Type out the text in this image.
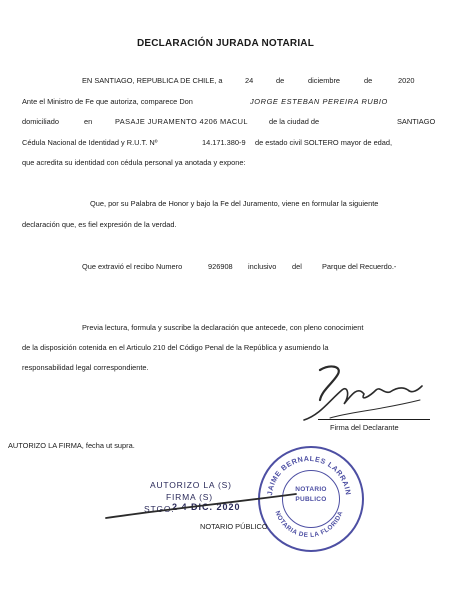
DECLARACIÓN JURADA NOTARIAL
EN SANTIAGO, REPUBLICA DE CHILE, a	24	de	diciembre	de	2020
Ante el Ministro de Fe que autoriza, comparece Don	JORGE ESTEBAN PEREIRA RUBIO
domiciliado	en	PASAJE JURAMENTO 4206 MACUL	de la ciudad de	SANTIAGO
Cédula Nacional de Identidad y R.U.T. Nº	14.171.380-9 de estado civil SOLTERO mayor de edad,
que acredita su identidad con cédula personal ya anotada y expone:
Que, por su Palabra de Honor y bajo la Fe del Juramento, viene en formular la siguiente
declaración que, es fiel expresión de la verdad.
Que extravió el recibo Numero	926908 inclusivo del	Parque del Recuerdo.-
Previa lectura, formula y suscribe la declaración que antecede, con pleno conocimient
de la disposición cotenida en el Articulo 210 del Código Penal de la República y asumiendo la
responsabilidad legal correspondiente.
Firma del Declarante
AUTORIZO LA FIRMA, fecha ut supra.
JAIME BERNALES LARRAIN
NOTARIA DE LA FLORIDA
NOTARIO
PUBLICO
AUTORIZO LA (S)
FIRMA (S)
STGO.
2 4 DIC. 2020
NOTARIO PÚBLICO
